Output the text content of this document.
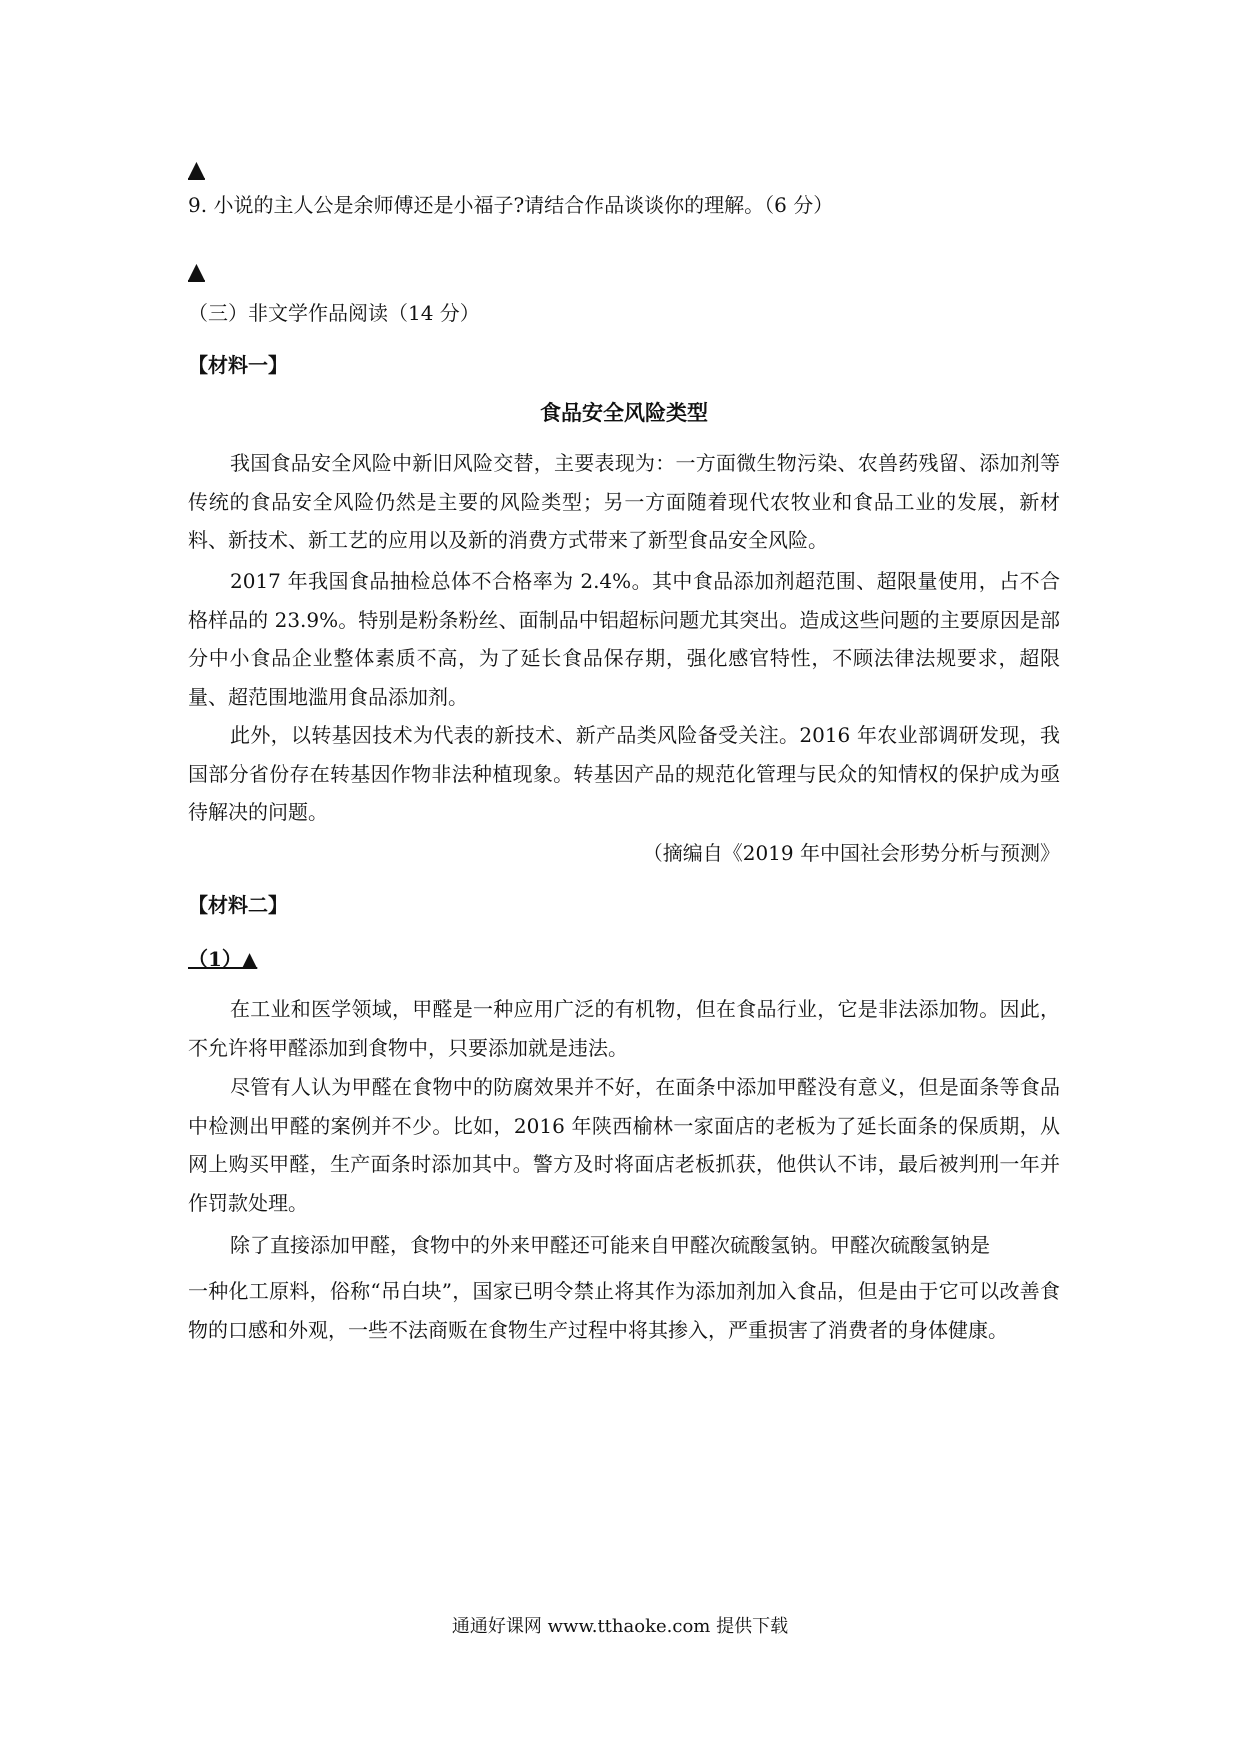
▲
9. 小说的主人公是余师傅还是小福子?请结合作品谈谈你的理解。（6 分）
▲
（三）非文学作品阅读（14 分）
【材料一】
食品安全风险类型
我国食品安全风险中新旧风险交替，主要表现为：一方面微生物污染、农兽药残留、添加剂等传统的食品安全风险仍然是主要的风险类型；另一方面随着现代农牧业和食品工业的发展，新材料、新技术、新工艺的应用以及新的消费方式带来了新型食品安全风险。
2017 年我国食品抽检总体不合格率为 2.4%。其中食品添加剂超范围、超限量使用，占不合格样品的 23.9%。特别是粉条粉丝、面制品中铝超标问题尤其突出。造成这些问题的主要原因是部分中小食品企业整体素质不高，为了延长食品保存期，强化感官特性，不顾法律法规要求，超限量、超范围地滥用食品添加剂。
此外，以转基因技术为代表的新技术、新产品类风险备受关注。2016 年农业部调研发现，我国部分省份存在转基因作物非法种植现象。转基因产品的规范化管理与民众的知情权的保护成为亟待解决的问题。
（摘编自《2019 年中国社会形势分析与预测》
【材料二】
（1）▲
在工业和医学领域，甲醛是一种应用广泛的有机物，但在食品行业，它是非法添加物。因此，不允许将甲醛添加到食物中，只要添加就是违法。
尽管有人认为甲醛在食物中的防腐效果并不好，在面条中添加甲醛没有意义，但是面条等食品中检测出甲醛的案例并不少。比如，2016 年陕西榆林一家面店的老板为了延长面条的保质期，从网上购买甲醛，生产面条时添加其中。警方及时将面店老板抓获，他供认不讳，最后被判刑一年并作罚款处理。
除了直接添加甲醛，食物中的外来甲醛还可能来自甲醛次硫酸氢钠。甲醛次硫酸氢钠是
一种化工原料，俗称“吊白块”，国家已明令禁止将其作为添加剂加入食品，但是由于它可以改善食物的口感和外观，一些不法商贩在食物生产过程中将其掺入，严重损害了消费者的身体健康。
通通好课网 www.tthaoke.com 提供下载
